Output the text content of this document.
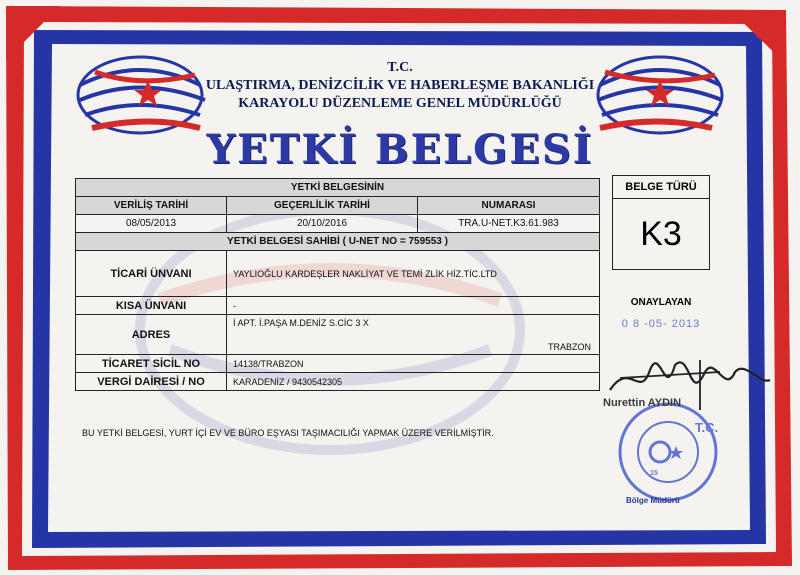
T.C.
15
T.C.
ULAŞTIRMA, DENİZCİLİK VE HABERLEŞME BAKANLIĞI
KARAYOLU DÜZENLEME GENEL MÜDÜRLÜĞÜ
YETKİ BELGESİ
YETKİ BELGESİNİN		
VERİLİŞ TARİHİ	GEÇERLİLİK TARİHİ	NUMARASI
08/05/2013	20/10/2016	TRA.U-NET.K3.61.983
YETKİ BELGESİ SAHİBİ ( U-NET NO = 759553 )		
TİCARİ ÜNVANI	YAYLIOĞLU KARDEŞLER NAKLİYAT VE TEMİ ZLİK HİZ.TİC.LTD	
KISA ÜNVANI	-	
ADRES	İ APT. İ.PAŞA M.DENİZ S.CİC 3 X
TRABZON	

TİCARET SİCİL NO	14138/TRABZON	
VERGİ DAİRESİ / NO	KARADENİZ / 9430542305	
BELGE TÜRÜ
K3
ONAYLAYAN
0 8 -05- 2013
Nurettin AYDIN
Bölge Müdürü
BU YETKİ BELGESİ, YURT İÇİ EV VE BÜRO EŞYASI TAŞIMACILIĞI YAPMAK ÜZERE VERİLMİŞTİR.
